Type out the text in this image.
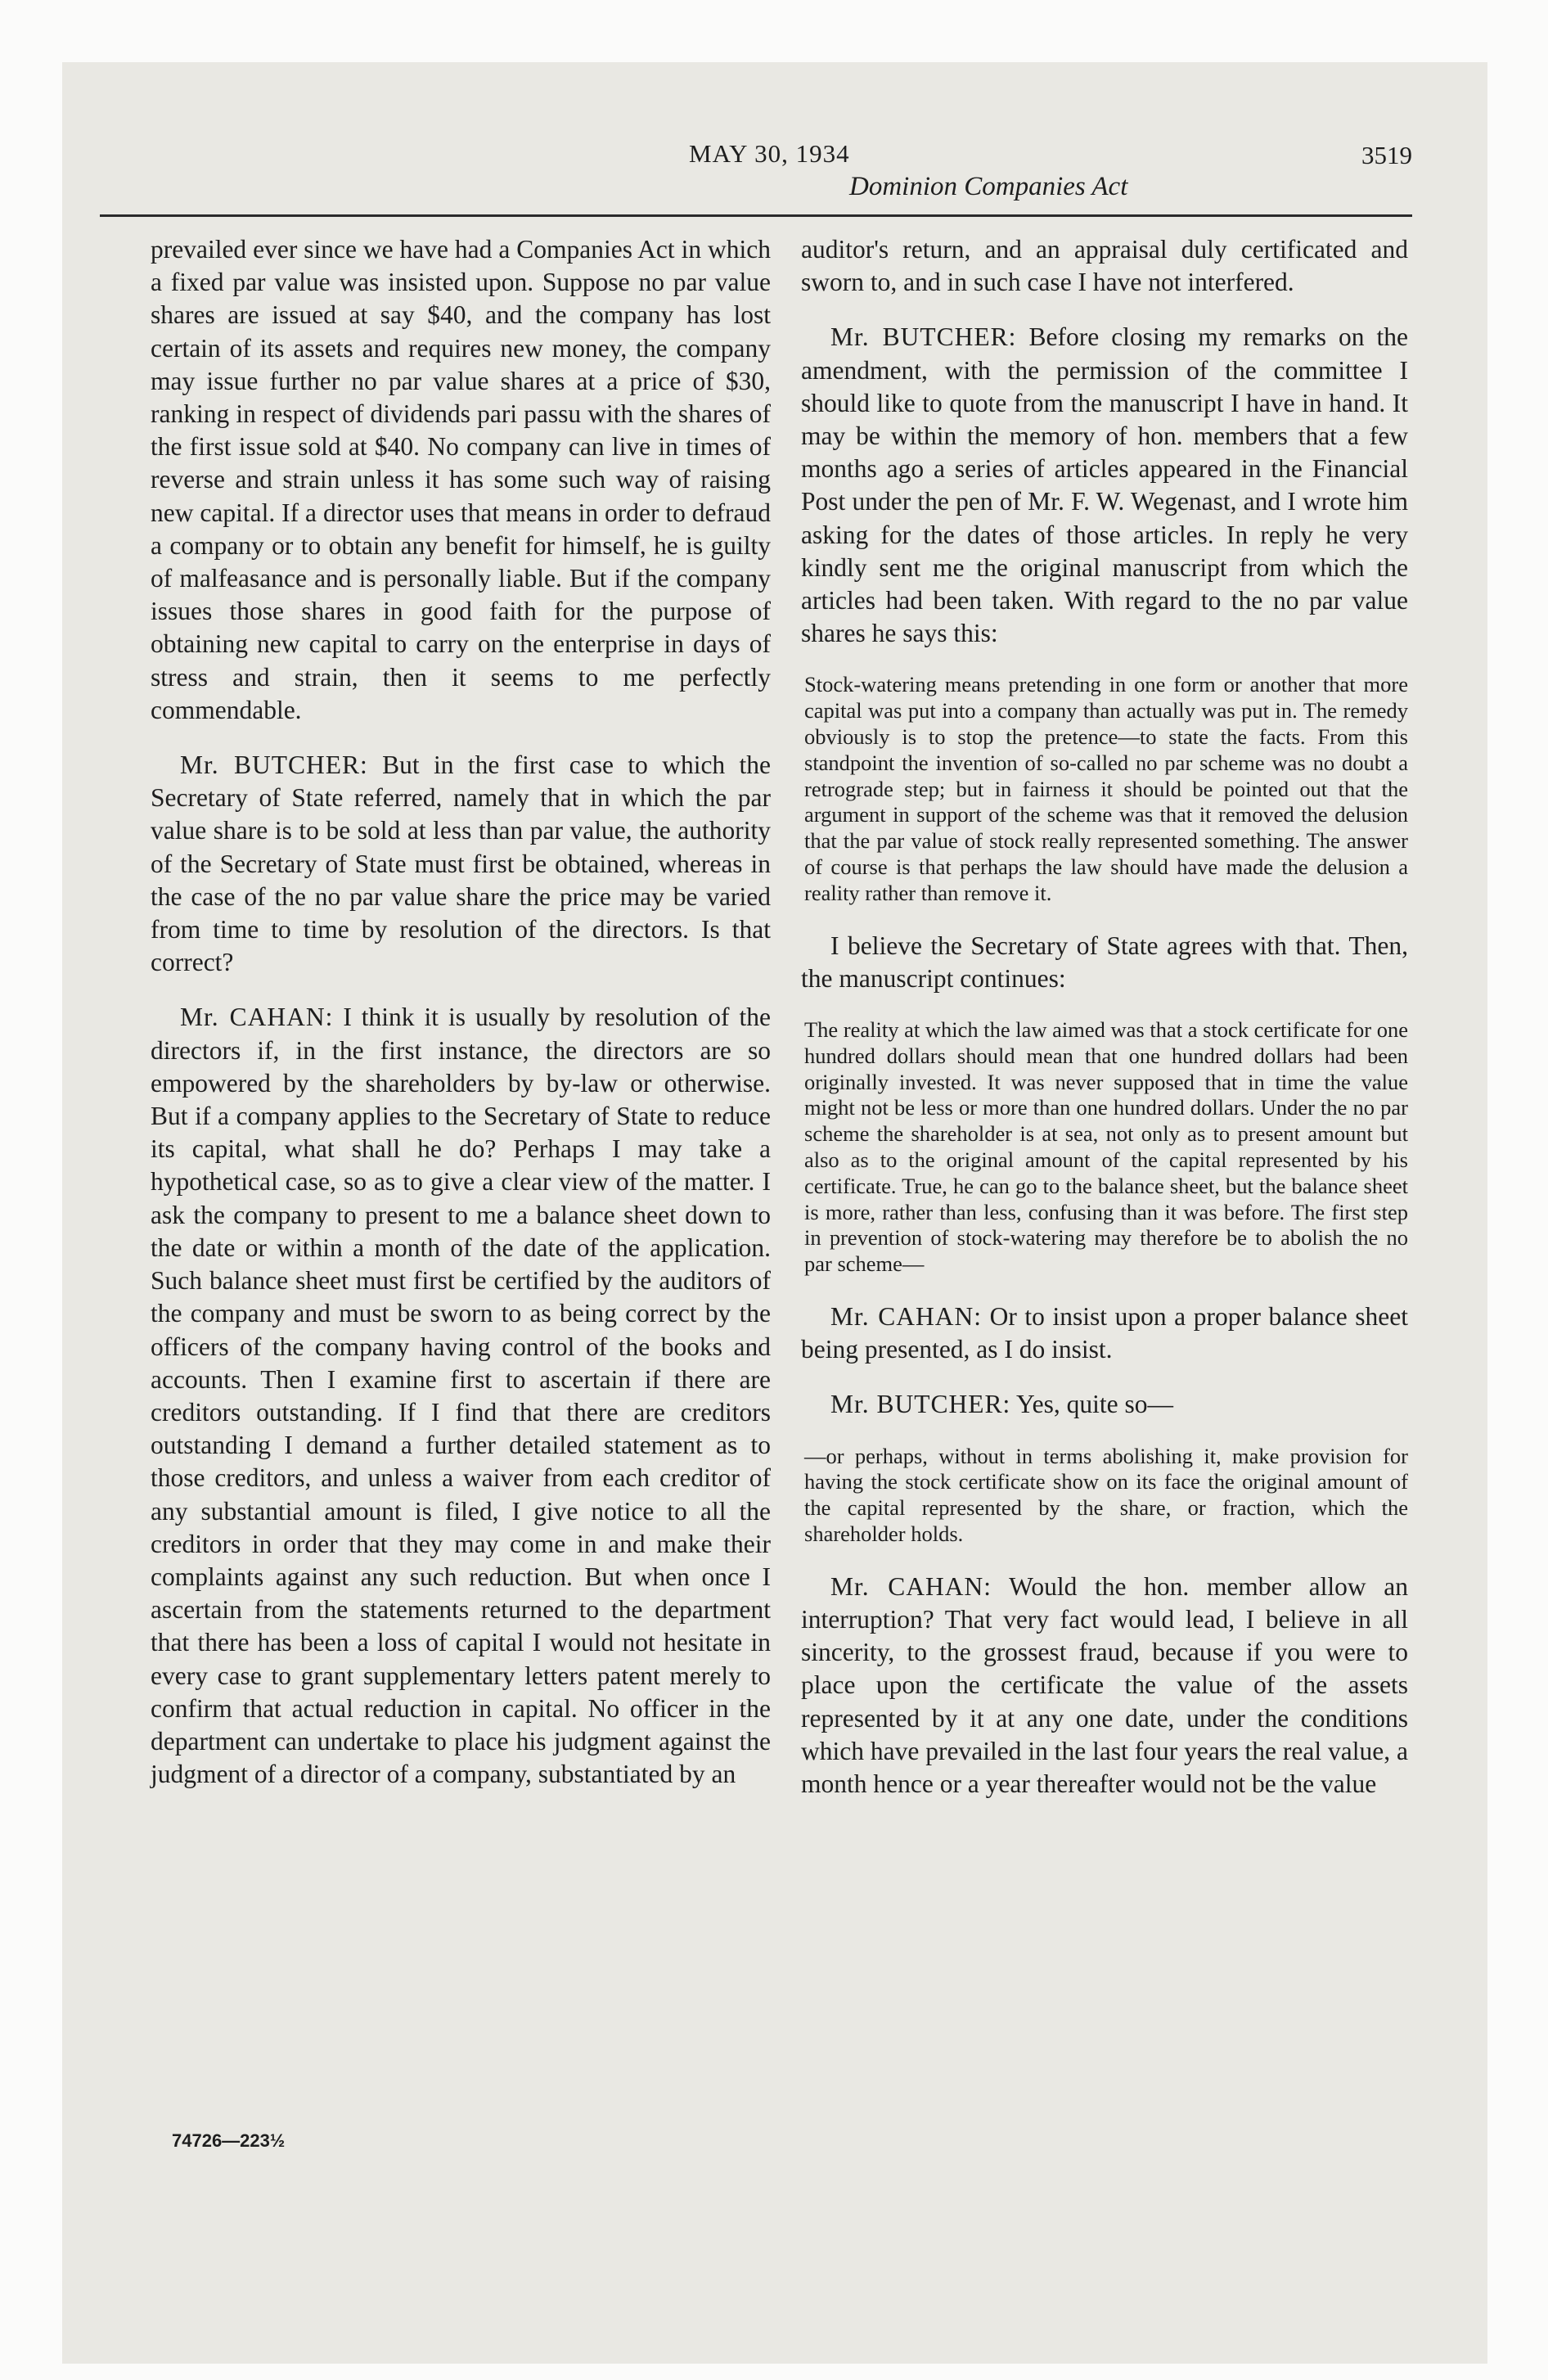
MAY 30, 1934
Dominion Companies Act
3519

prevailed ever since we have had a Companies Act in which a fixed par value was insisted upon. Suppose no par value shares are issued at say $40, and the company has lost certain of its assets and requires new money, the company may issue further no par value shares at a price of $30, ranking in respect of dividends pari passu with the shares of the first issue sold at $40. No company can live in times of reverse and strain unless it has some such way of raising new capital. If a director uses that means in order to defraud a company or to obtain any benefit for himself, he is guilty of malfeasance and is personally liable. But if the company issues those shares in good faith for the purpose of obtaining new capital to carry on the enterprise in days of stress and strain, then it seems to me perfectly commendable.

Mr. BUTCHER: But in the first case to which the Secretary of State referred, namely that in which the par value share is to be sold at less than par value, the authority of the Secretary of State must first be obtained, whereas in the case of the no par value share the price may be varied from time to time by resolution of the directors. Is that correct?

Mr. CAHAN: I think it is usually by resolution of the directors if, in the first instance, the directors are so empowered by the shareholders by by-law or otherwise. But if a company applies to the Secretary of State to reduce its capital, what shall he do? Perhaps I may take a hypothetical case, so as to give a clear view of the matter. I ask the company to present to me a balance sheet down to the date or within a month of the date of the application. Such balance sheet must first be certified by the auditors of the company and must be sworn to as being correct by the officers of the company having control of the books and accounts. Then I examine first to ascertain if there are creditors outstanding. If I find that there are creditors outstanding I demand a further detailed statement as to those creditors, and unless a waiver from each creditor of any substantial amount is filed, I give notice to all the creditors in order that they may come in and make their complaints against any such reduction. But when once I ascertain from the statements returned to the department that there has been a loss of capital I would not hesitate in every case to grant supplementary letters patent merely to confirm that actual reduction in capital. No officer in the department can undertake to place his judgment against the judgment of a director of a company, substantiated by an

auditor's return, and an appraisal duly certificated and sworn to, and in such case I have not interfered.

Mr. BUTCHER: Before closing my remarks on the amendment, with the permission of the committee I should like to quote from the manuscript I have in hand. It may be within the memory of hon. members that a few months ago a series of articles appeared in the Financial Post under the pen of Mr. F. W. Wegenast, and I wrote him asking for the dates of those articles. In reply he very kindly sent me the original manuscript from which the articles had been taken. With regard to the no par value shares he says this:

Stock-watering means pretending in one form or another that more capital was put into a company than actually was put in. The remedy obviously is to stop the pretence—to state the facts. From this standpoint the invention of so-called no par scheme was no doubt a retrograde step; but in fairness it should be pointed out that the argument in support of the scheme was that it removed the delusion that the par value of stock really represented something. The answer of course is that perhaps the law should have made the delusion a reality rather than remove it.

I believe the Secretary of State agrees with that. Then, the manuscript continues:

The reality at which the law aimed was that a stock certificate for one hundred dollars should mean that one hundred dollars had been originally invested. It was never supposed that in time the value might not be less or more than one hundred dollars. Under the no par scheme the shareholder is at sea, not only as to present amount but also as to the original amount of the capital represented by his certificate. True, he can go to the balance sheet, but the balance sheet is more, rather than less, confusing than it was before. The first step in prevention of stock-watering may therefore be to abolish the no par scheme—

Mr. CAHAN: Or to insist upon a proper balance sheet being presented, as I do insist.

Mr. BUTCHER: Yes, quite so—

—or perhaps, without in terms abolishing it, make provision for having the stock certificate show on its face the original amount of the capital represented by the share, or fraction, which the shareholder holds.

Mr. CAHAN: Would the hon. member allow an interruption? That very fact would lead, I believe in all sincerity, to the grossest fraud, because if you were to place upon the certificate the value of the assets represented by it at any one date, under the conditions which have prevailed in the last four years the real value, a month hence or a year thereafter would not be the value

74726—223½
